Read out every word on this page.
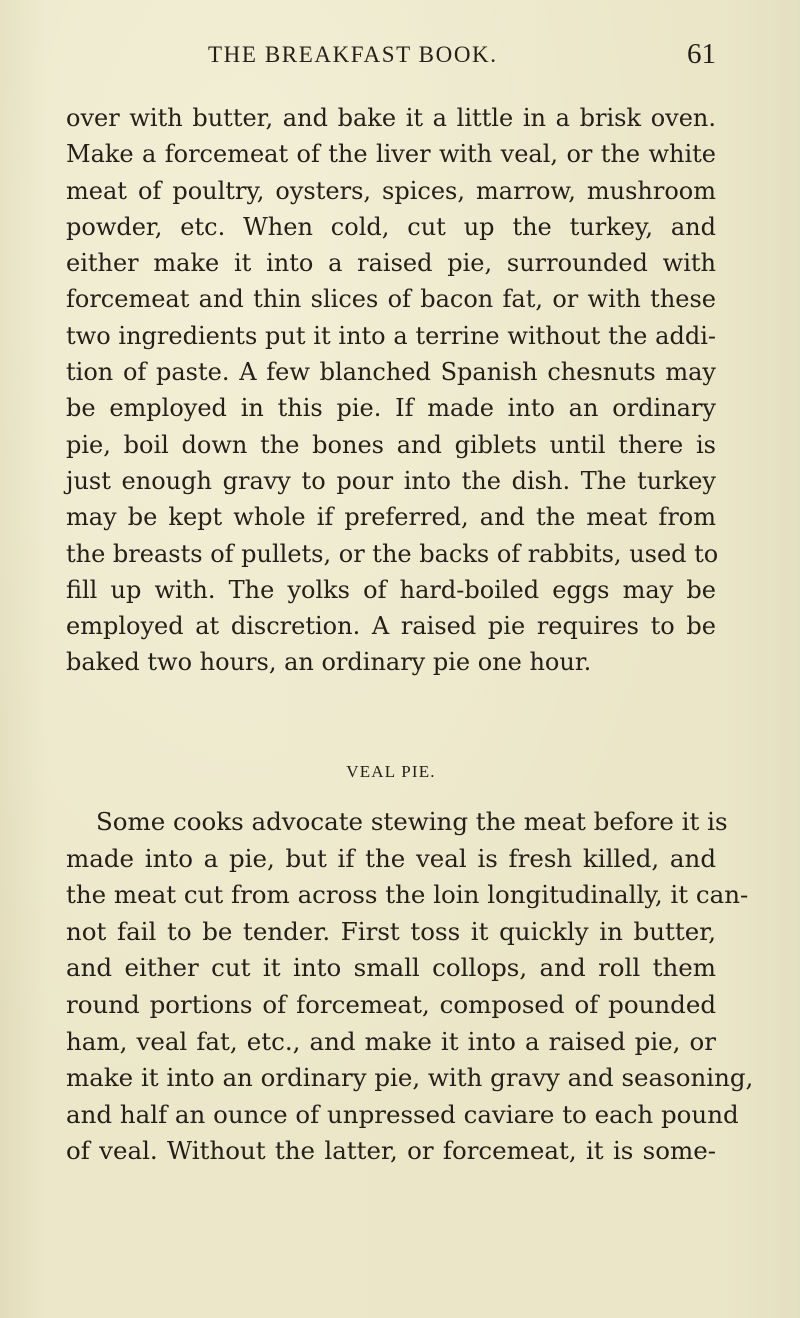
THE BREAKFAST BOOK.	61
over with butter, and bake it a little in a brisk oven.
Make a forcemeat of the liver with veal, or the white
meat of poultry, oysters, spices, marrow, mushroom
powder, etc. When cold, cut up the turkey, and
either make it into a raised pie, surrounded with
forcemeat and thin slices of bacon fat, or with these
two ingredients put it into a terrine without the addi-
tion of paste. A few blanched Spanish chesnuts may
be employed in this pie. If made into an ordinary
pie, boil down the bones and giblets until there is
just enough gravy to pour into the dish. The turkey
may be kept whole if preferred, and the meat from
the breasts of pullets, or the backs of rabbits, used to
fill up with. The yolks of hard-boiled eggs may be
employed at discretion. A raised pie requires to be
baked two hours, an ordinary pie one hour.
VEAL PIE.
Some cooks advocate stewing the meat before it is
made into a pie, but if the veal is fresh killed, and
the meat cut from across the loin longitudinally, it can-
not fail to be tender. First toss it quickly in butter,
and either cut it into small collops, and roll them
round portions of forcemeat, composed of pounded
ham, veal fat, etc., and make it into a raised pie, or
make it into an ordinary pie, with gravy and seasoning,
and half an ounce of unpressed caviare to each pound
of veal. Without the latter, or forcemeat, it is some-
